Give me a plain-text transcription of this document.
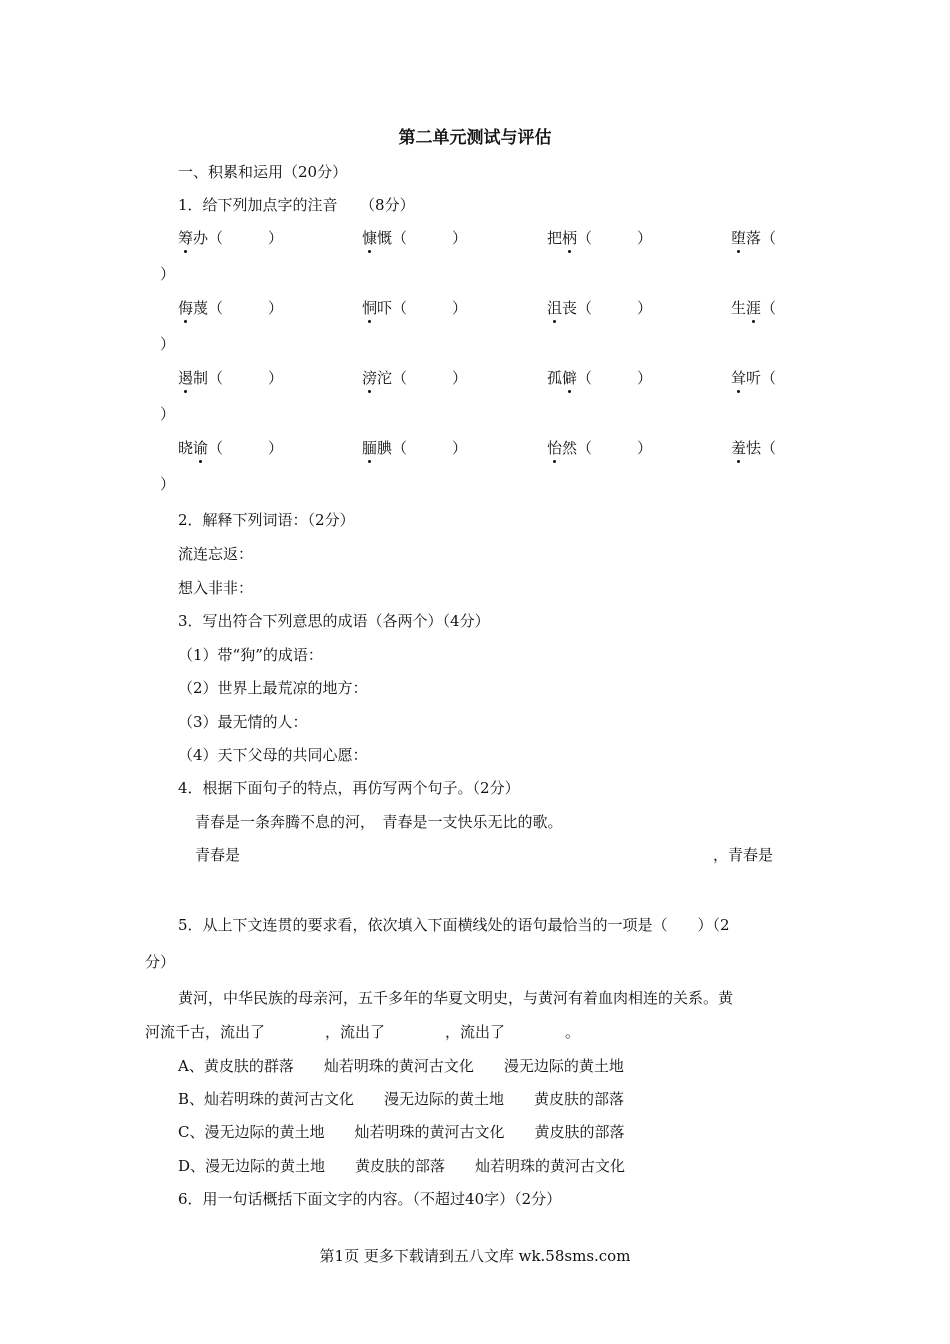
第二单元测试与评估
一、积累和运用（20分）
1．给下列加点字的注音　　（8分）
筹办（　　　）	慷慨（　　　）	把柄（　　　）	堕落（
）
侮蔑（　　　）	恫吓（　　　）	沮丧（　　　）	生涯（
）
遏制（　　　）	滂沱（　　　）	孤僻（　　　）	耸听（
）
晓谕（　　　）	腼腆（　　　）	怡然（　　　）	羞怯（
）
2．解释下列词语：（2分）
流连忘返：
想入非非：
3．写出符合下列意思的成语（各两个）（4分）
（1）带“狗”的成语：
（2）世界上最荒凉的地方：
（3）最无情的人：
（4）天下父母的共同心愿：
4．根据下面句子的特点，再仿写两个句子。（2分）
青春是一条奔腾不息的河，　青春是一支快乐无比的歌。
青春是	，青春是
5．从上下文连贯的要求看，依次填入下面横线处的语句最恰当的一项是（　　）（2
分）
黄河，中华民族的母亲河，五千多年的华夏文明史，与黄河有着血肉相连的关系。黄
河流千古，流出了　　　　，流出了　　　　，流出了　　　　。
A、黄皮肤的群落　　灿若明珠的黄河古文化　　漫无边际的黄土地
B、灿若明珠的黄河古文化　　漫无边际的黄土地　　黄皮肤的部落
C、漫无边际的黄土地　　灿若明珠的黄河古文化　　黄皮肤的部落
D、漫无边际的黄土地　　黄皮肤的部落　　灿若明珠的黄河古文化
6．用一句话概括下面文字的内容。（不超过40字）（2分）
第1页 更多下载请到五八文库 wk.58sms.com
